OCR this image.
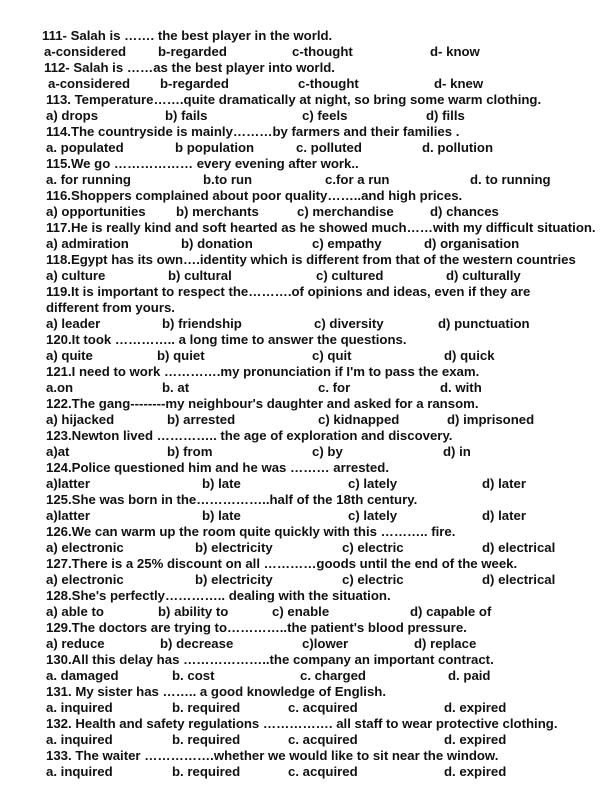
111- Salah is ……. the best player in the world.
a-considered b-regarded	c-thought	d- know
112- Salah is ……as the best player into world.
a-considered b-regarded	c-thought	d- knew
113. Temperature…….quite dramatically at night, so bring some warm clothing.
a) drops	b) fails	c) feels	d) fills
114.The countryside is mainly………by farmers and their families .
a. populated	b population	c. polluted	d. pollution
115.We go ……………… every evening after work..
a. for running	b.to run	c.for a run	d. to running
116.Shoppers complained about poor quality……..and high prices.
a) opportunities b) merchants	c) merchandise	d) chances
117.He is really kind and soft hearted as he showed much……with my difficult situation.
a) admiration	b) donation	c) empathy	d) organisation
118.Egypt has its own….identity which is different from that of the western countries
a) culture	b) cultural	c) cultured	d) culturally
119.It is important to respect the……….of opinions and ideas, even if they are
different from yours.
a) leader	b) friendship	c) diversity	d) punctuation
120.It took ………….. a long time to answer the questions.
a) quite	b) quiet	c) quit	d) quick
121.I need to work ………….my pronunciation if I'm to pass the exam.
a.on	b. at	c. for	d. with
122.The gang--------my neighbour's daughter and asked for a ransom.
a) hijacked	b) arrested	c) kidnapped	d) imprisoned
123.Newton lived ………….. the age of exploration and discovery.
a)at	b) from	c) by	d) in
124.Police questioned him and he was ……… arrested.
a)latter	b) late	c) lately	d) later
125.She was born in the……………..half of the 18th century.
a)latter	b) late	c) lately	d) later
126.We can warm up the room quite quickly with this ……….. fire.
a) electronic	b) electricity	c) electric	d) electrical
127.There is a 25% discount on all …………goods until the end of the week.
a) electronic	b) electricity	c) electric	d) electrical
128.She's perfectly………….. dealing with the situation.
a) able to	b) ability to	c) enable	d) capable of
129.The doctors are trying to…………..the patient's blood pressure.
a) reduce	b) decrease	c)lower	d) replace
130.All this delay has ………………..the company an important contract.
a. damaged	b. cost	c. charged	d. paid
131. My sister has …….. a good knowledge of English.
a. inquired	b. required	c. acquired	d. expired
132. Health and safety regulations ……………. all staff to wear protective clothing.
a. inquired	b. required	c. acquired	d. expired
133. The waiter …………….whether we would like to sit near the window.
a. inquired	b. required	c. acquired	d. expired
